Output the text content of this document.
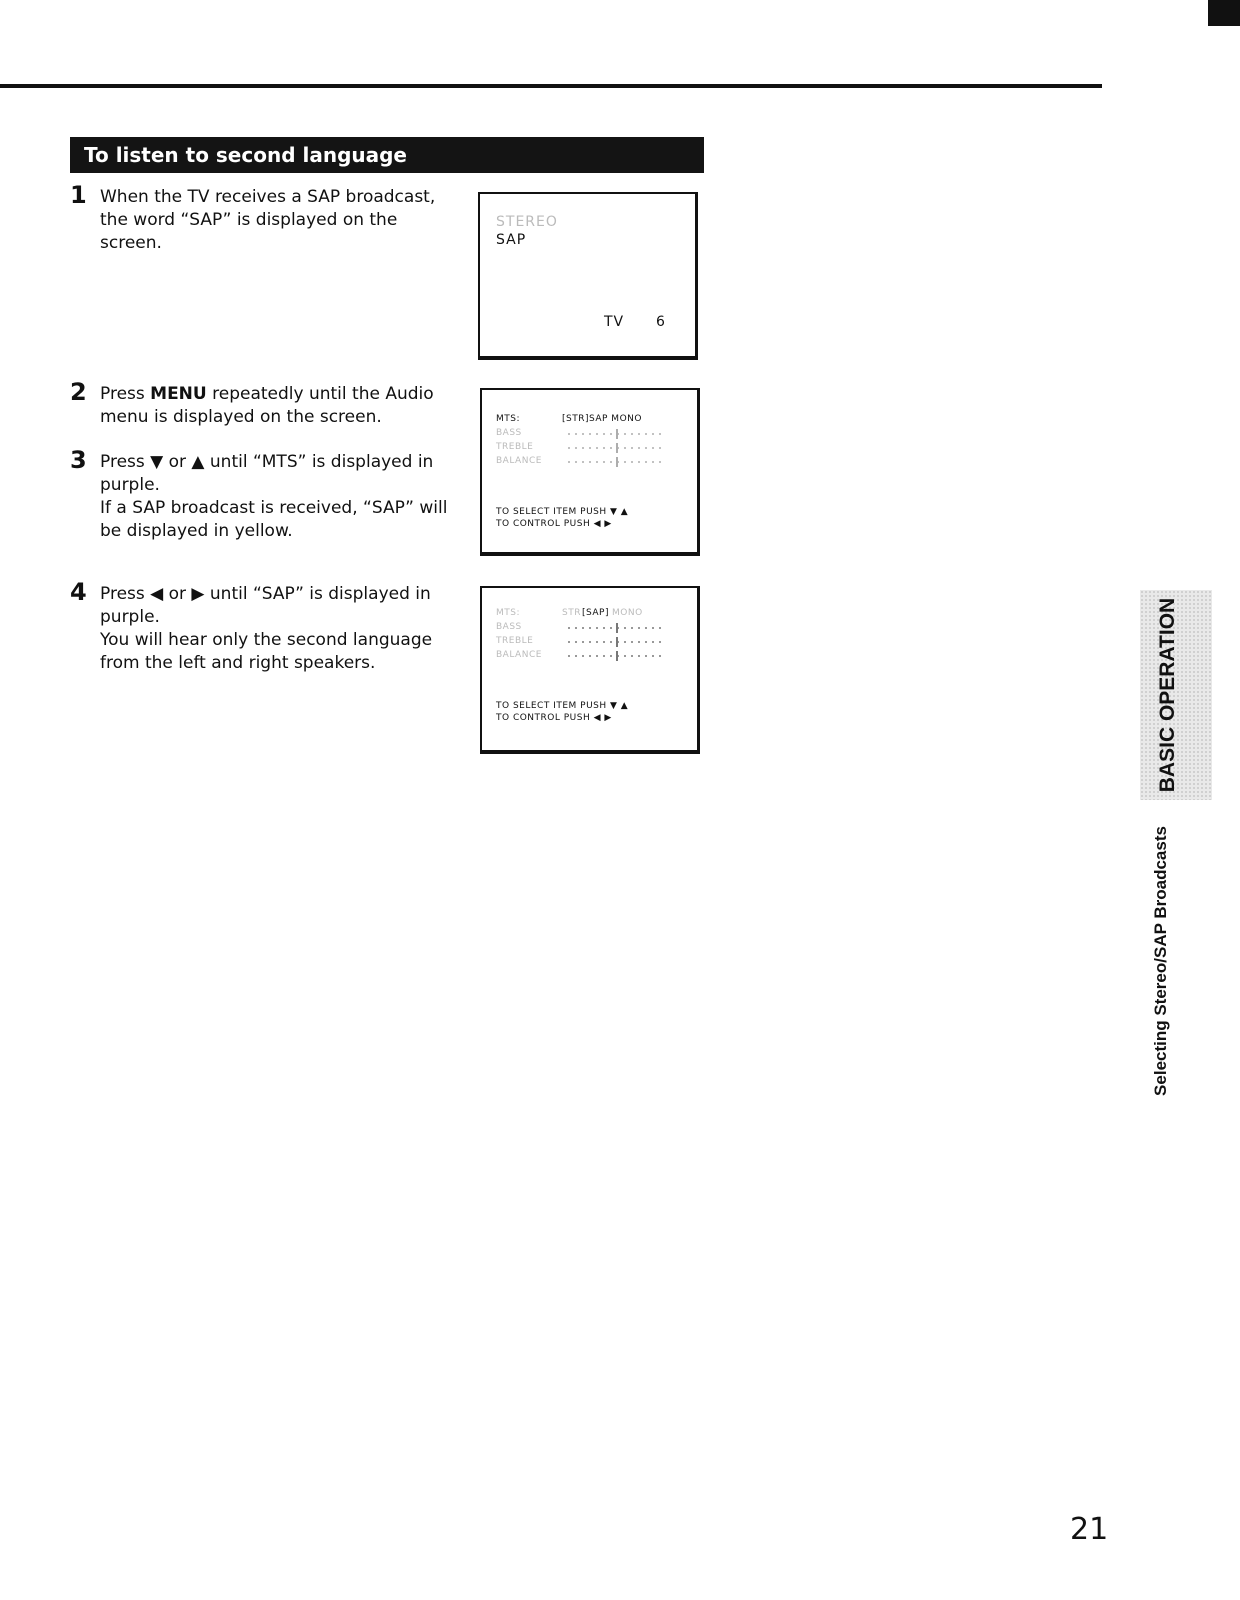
To listen to second language
1 When the TV receives a SAP broadcast, the word “SAP” is displayed on the screen.

2 Press MENU repeatedly until the Audio menu is displayed on the screen.

3 Press ▼ or ▲ until “MTS” is displayed in purple.

If a SAP broadcast is received, “SAP” will be displayed in yellow.

4 Press ◀ or ▶ until “SAP” is displayed in purple.

You will hear only the second language from the left and right speakers.

STEREO
SAP
TV 6
MTS:	[STR]SAP MONO
BASS
TREBLE
BALANCE
TO SELECT ITEM PUSH ▼ ▲
TO CONTROL PUSH ◀ ▶
MTS:	STR [SAP] MONO
BASS
TREBLE
BALANCE
TO SELECT ITEM PUSH ▼ ▲
TO CONTROL PUSH ◀ ▶	BASIC OPERATION
Selecting Stereo/SAP Broadcasts
21
